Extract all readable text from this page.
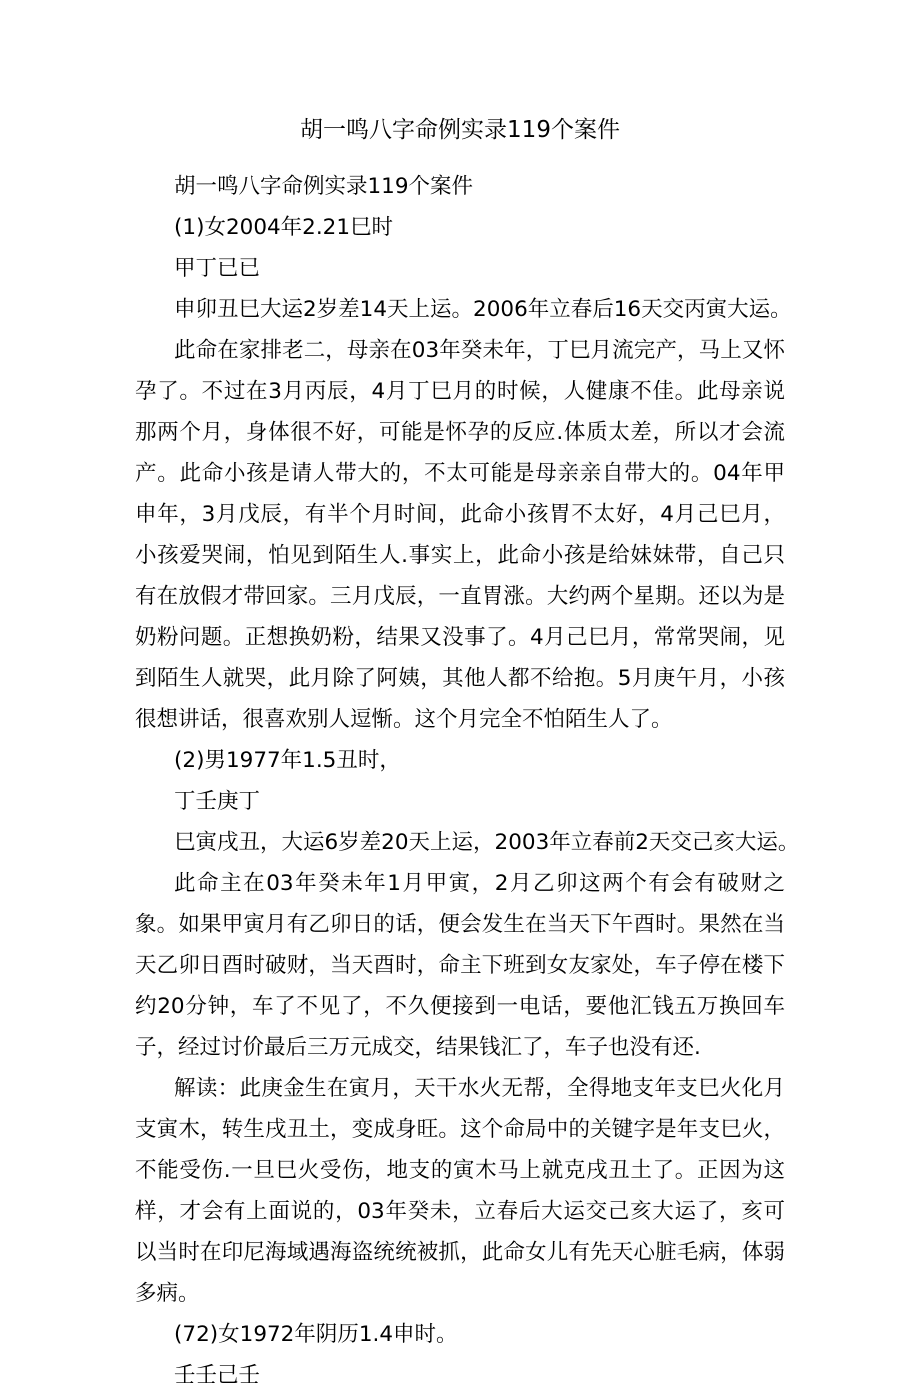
胡一鸣八字命例实录119个案件

胡一鸣八字命例实录119个案件

(1)女2004年2.21巳时

甲丁已已

申卯丑巳大运2岁差14天上运。2006年立春后16天交丙寅大运。

此命在家排老二，母亲在03年癸未年，丁巳月流完产，马上又怀孕了。不过在3月丙辰，4月丁巳月的时候，人健康不佳。此母亲说那两个月，身体很不好，可能是怀孕的反应.体质太差，所以才会流产。此命小孩是请人带大的，不太可能是母亲亲自带大的。04年甲申年，3月戊辰，有半个月时间，此命小孩胃不太好，4月己巳月，小孩爱哭闹，怕见到陌生人.事实上，此命小孩是给妹妹带，自己只有在放假才带回家。三月戊辰，一直胃涨。大约两个星期。还以为是奶粉问题。正想换奶粉，结果又没事了。4月己巳月，常常哭闹，见到陌生人就哭，此月除了阿姨，其他人都不给抱。5月庚午月，小孩很想讲话，很喜欢别人逗惭。这个月完全不怕陌生人了。

(2)男1977年1.5丑时，

丁壬庚丁

巳寅戌丑，大运6岁差20天上运，2003年立春前2天交己亥大运。

此命主在03年癸未年1月甲寅，2月乙卯这两个有会有破财之象。如果甲寅月有乙卯日的话，便会发生在当天下午酉时。果然在当天乙卯日酉时破财，当天酉时，命主下班到女友家处，车子停在楼下约20分钟，车了不见了，不久便接到一电话，要他汇钱五万换回车子，经过讨价最后三万元成交，结果钱汇了，车子也没有还.

解读：此庚金生在寅月，天干水火无帮，全得地支年支巳火化月支寅木，转生戌丑土，变成身旺。这个命局中的关键字是年支巳火，不能受伤.一旦巳火受伤，地支的寅木马上就克戌丑土了。正因为这样，才会有上面说的，03年癸未，立春后大运交己亥大运了，亥可以当时在印尼海域遇海盗统统被抓，此命女儿有先天心脏毛病，体弱多病。

(72)女1972年阴历1.4申时。

壬壬己壬
